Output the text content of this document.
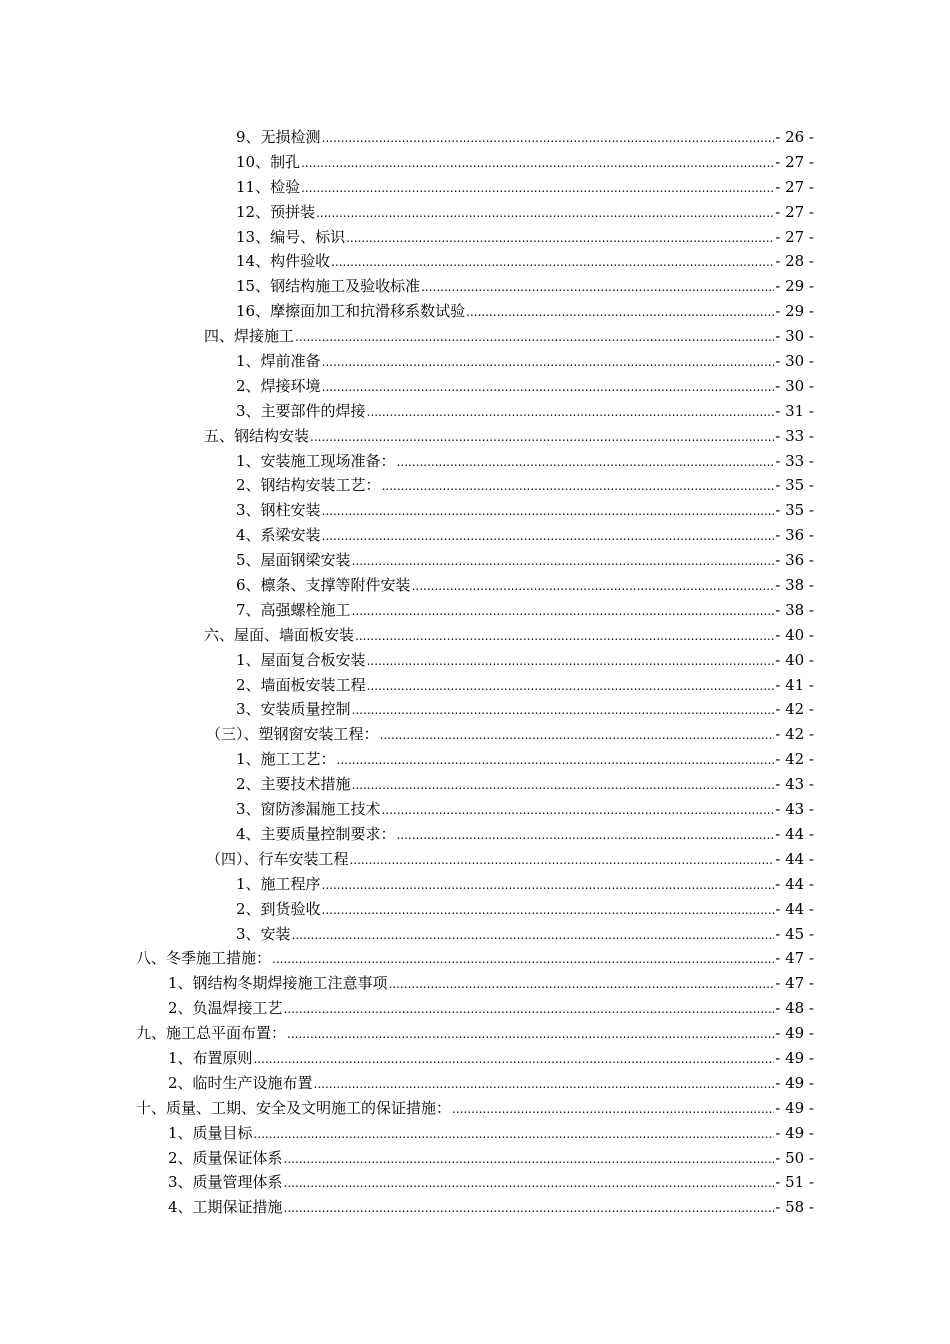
9、 无损检测 .....	- 26 -
10、 制孔 .....	- 27 -
11、 检验 .....	- 27 -
12、 预拼装 .....	- 27 -
13、 编号、标识 .....	- 27 -
14、 构件验收 .....	- 28 -
15、 钢结构施工及验收标准 .....	- 29 -
16、 摩擦面加工和抗滑移系数试验 .....	- 29 -
四、焊接施工 .....	- 30 -
1、 焊前准备 .....	- 30 -
2、 焊接环境 .....	- 30 -
3、 主要部件的焊接 .....	- 31 -
五、 钢结构安装 .....	- 33 -
1、 安装施工现场准备： .....	- 33 -
2、 钢结构安装工艺： .....	- 35 -
3、 钢柱安装 .....	- 35 -
4、 系梁安装 .....	- 36 -
5、 屋面钢梁安装 .....	- 36 -
6、 檩条、支撑等附件安装 .....	- 38 -
7、 高强螺栓施工 .....	- 38 -
六、屋面、墙面板安装 .....	- 40 -
1、 屋面复合板安装 .....	- 40 -
2、 墙面板安装工程 .....	- 41 -
3、 安装质量控制 .....	- 42 -
（三）、塑钢窗安装工程： .....	- 42 -
1、施工工艺： .....	- 42 -
2、主要技术措施 .....	- 43 -
3、窗防渗漏施工技术 .....	- 43 -
4、主要质量控制要求： .....	- 44 -
（四）、行车安装工程 .....	- 44 -
1、施工程序 .....	- 44 -
2、到货验收 .....	- 44 -
3、安装 .....	- 45 -
八、冬季施工措施： .....	- 47 -
1、钢结构冬期焊接施工注意事项 .....	- 47 -
2、负温焊接工艺 .....	- 48 -
九、施工总平面布置： .....	- 49 -
1、布置原则 .....	- 49 -
2、临时生产设施布置 .....	- 49 -
十、质量、工期、安全及文明施工的保证措施： .....	- 49 -
1、质量目标 .....	- 49 -
2、质量保证体系 .....	- 50 -
3、质量管理体系 .....	- 51 -
4、工期保证措施 .....	- 58 -
